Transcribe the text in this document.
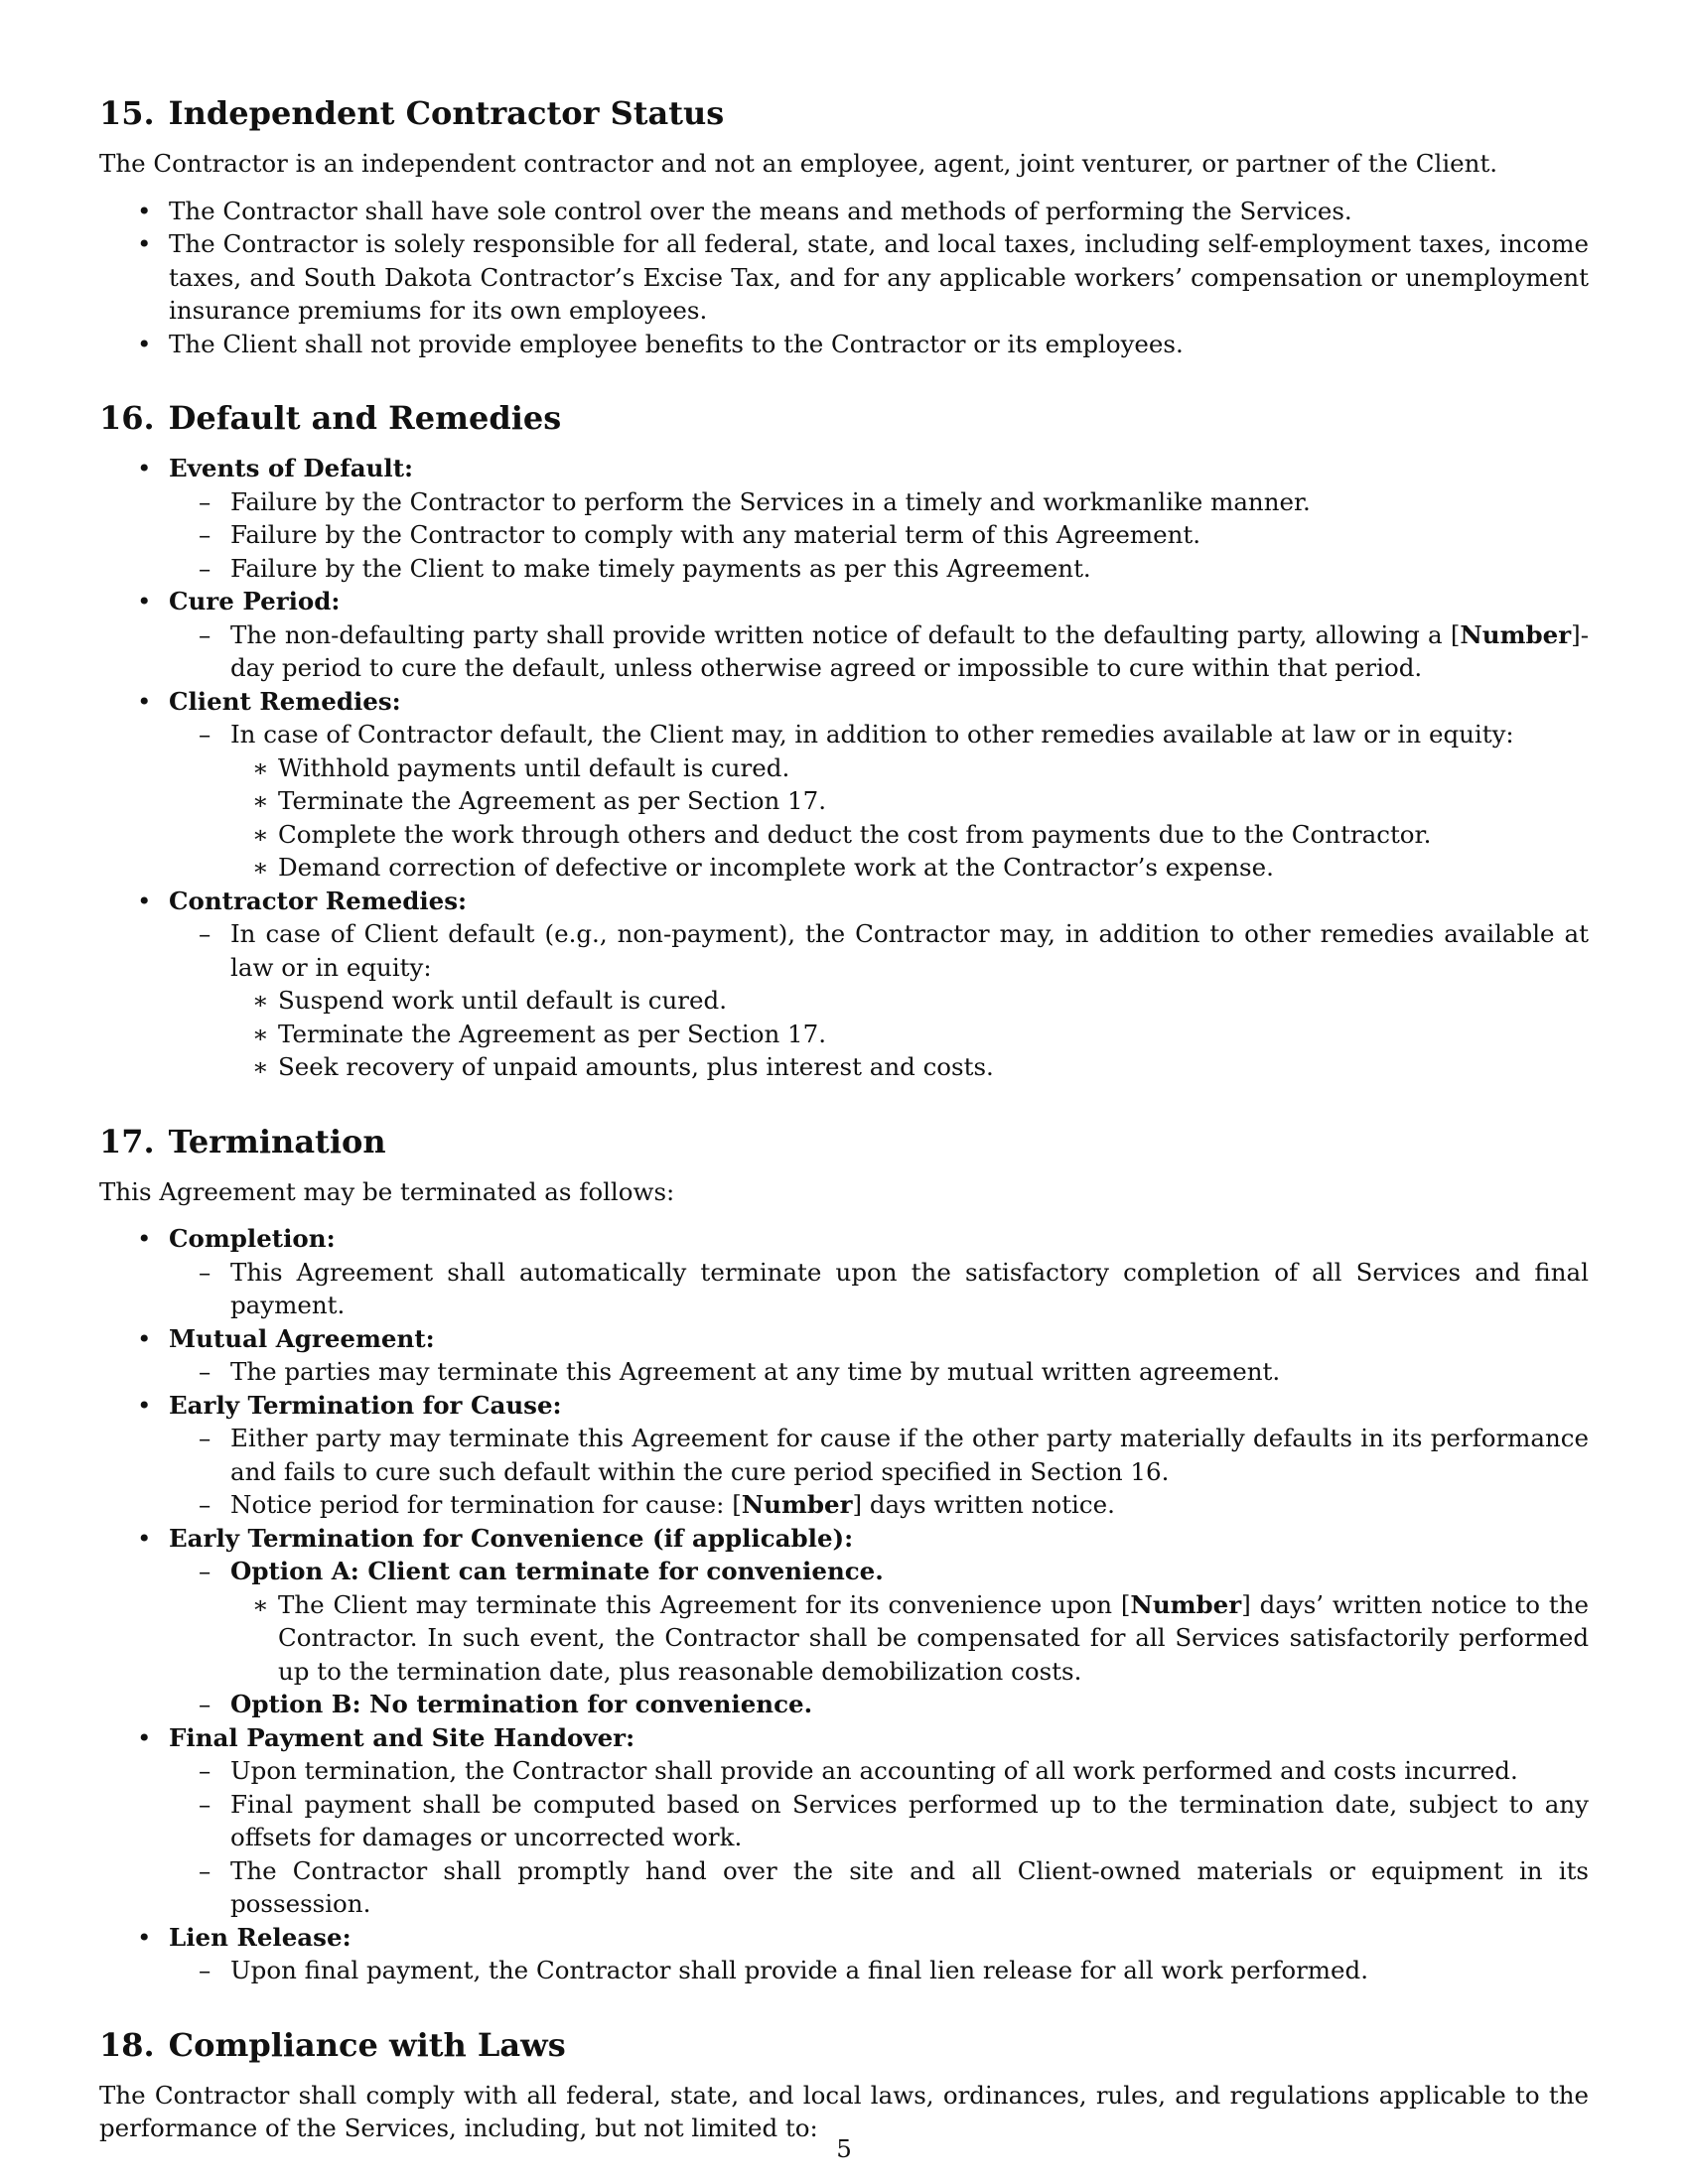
15. Independent Contractor Status

The Contractor is an independent contractor and not an employee, agent, joint venturer, or partner of the Client.

• The Contractor shall have sole control over the means and methods of performing the Services.
• The Contractor is solely responsible for all federal, state, and local taxes, including self-employment taxes, income taxes, and South Dakota Contractor’s Excise Tax, and for any applicable workers’ compensation or unemployment insurance premiums for its own employees.
• The Client shall not provide employee benefits to the Contractor or its employees.
16. Default and Remedies
• Events of Default:
– Failure by the Contractor to perform the Services in a timely and workmanlike manner.
– Failure by the Contractor to comply with any material term of this Agreement.
– Failure by the Client to make timely payments as per this Agreement.
• Cure Period:
– The non-defaulting party shall provide written notice of default to the defaulting party, allowing a [Number]-day period to cure the default, unless otherwise agreed or impossible to cure within that period.
• Client Remedies:
– In case of Contractor default, the Client may, in addition to other remedies available at law or in equity:
∗ Withhold payments until default is cured.
∗ Terminate the Agreement as per Section 17.
∗ Complete the work through others and deduct the cost from payments due to the Contractor.
∗ Demand correction of defective or incomplete work at the Contractor’s expense.
• Contractor Remedies:
– In case of Client default (e.g., non-payment), the Contractor may, in addition to other remedies available at law or in equity:
∗ Suspend work until default is cured.
∗ Terminate the Agreement as per Section 17.
∗ Seek recovery of unpaid amounts, plus interest and costs.
17. Termination

This Agreement may be terminated as follows:

• Completion:
– This Agreement shall automatically terminate upon the satisfactory completion of all Services and final payment.
• Mutual Agreement:
– The parties may terminate this Agreement at any time by mutual written agreement.
• Early Termination for Cause:
– Either party may terminate this Agreement for cause if the other party materially defaults in its performance and fails to cure such default within the cure period specified in Section 16.
– Notice period for termination for cause: [Number] days written notice.
• Early Termination for Convenience (if applicable):
– Option A: Client can terminate for convenience.
∗ The Client may terminate this Agreement for its convenience upon [Number] days’ written notice to the Contractor. In such event, the Contractor shall be compensated for all Services satisfactorily performed up to the termination date, plus reasonable demobilization costs.
– Option B: No termination for convenience.
• Final Payment and Site Handover:
– Upon termination, the Contractor shall provide an accounting of all work performed and costs incurred.
– Final payment shall be computed based on Services performed up to the termination date, subject to any offsets for damages or uncorrected work.
– The Contractor shall promptly hand over the site and all Client-owned materials or equipment in its possession.
• Lien Release:
– Upon final payment, the Contractor shall provide a final lien release for all work performed.
18. Compliance with Laws

The Contractor shall comply with all federal, state, and local laws, ordinances, rules, and regulations applicable to the performance of the Services, including, but not limited to:

5
